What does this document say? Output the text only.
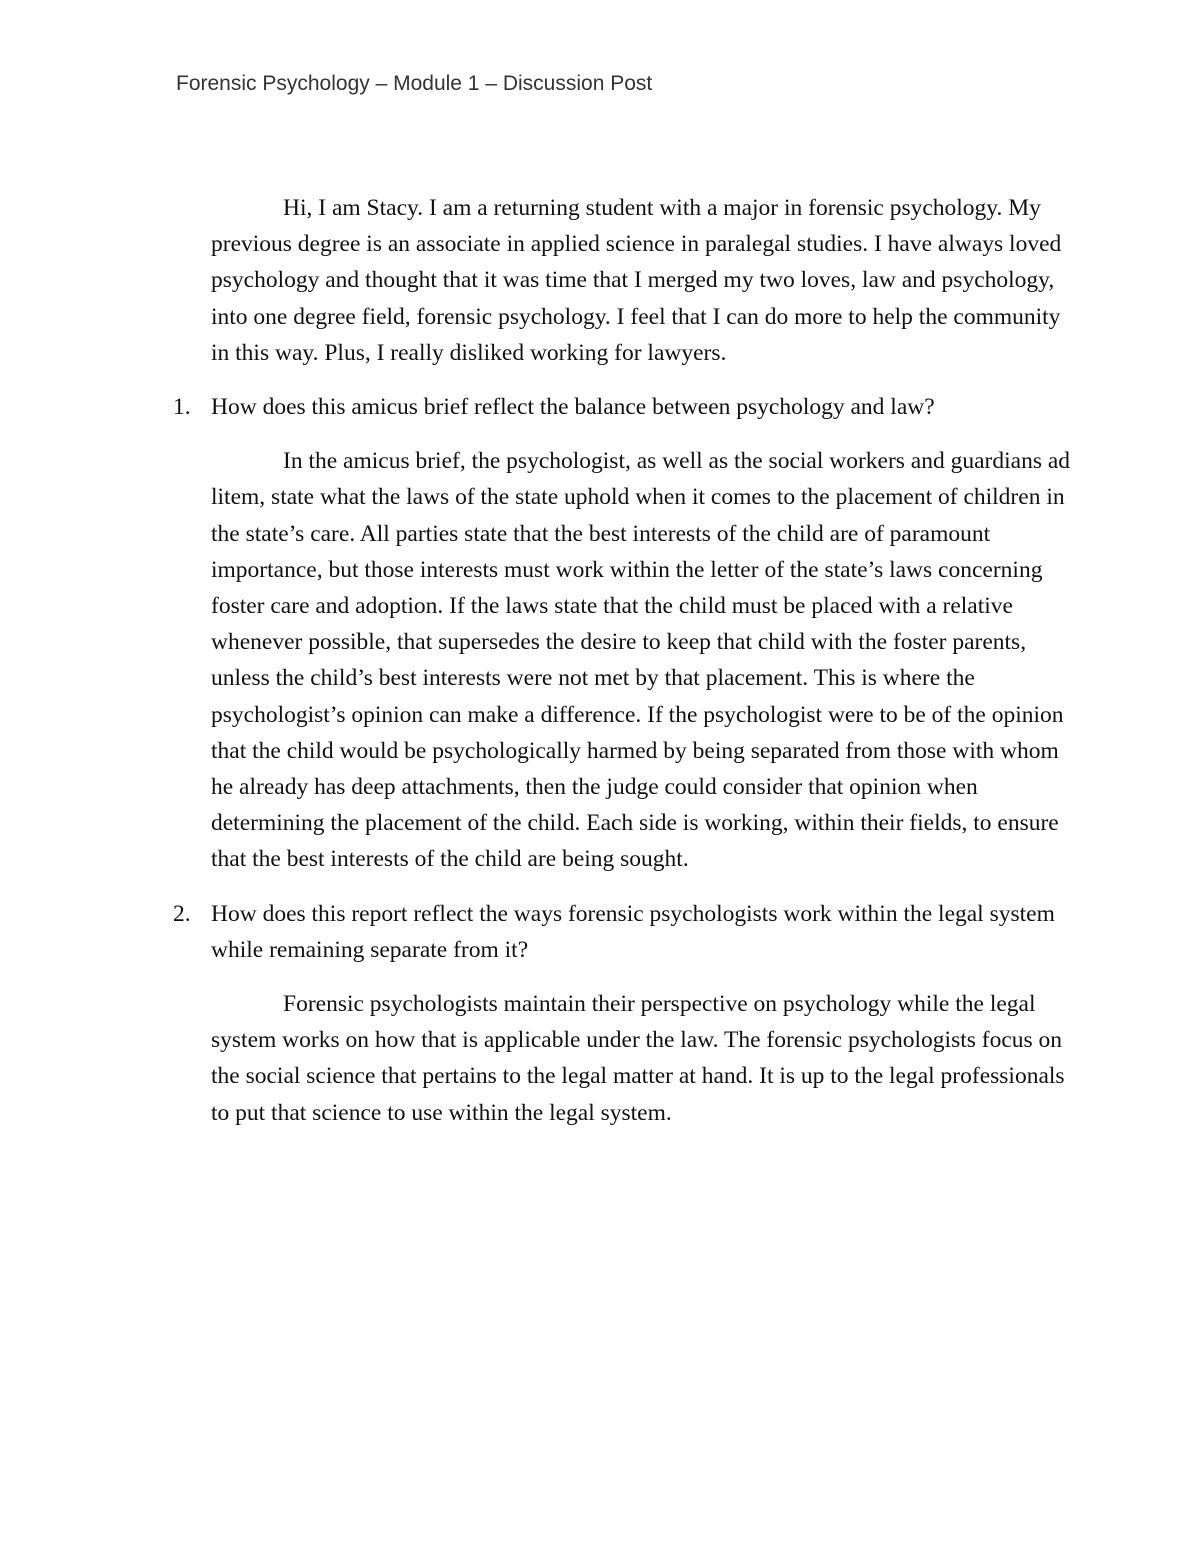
Forensic Psychology – Module 1 – Discussion Post

Hi, I am Stacy. I am a returning student with a major in forensic psychology. My previous degree is an associate in applied science in paralegal studies. I have always loved psychology and thought that it was time that I merged my two loves, law and psychology, into one degree field, forensic psychology. I feel that I can do more to help the community in this way. Plus, I really disliked working for lawyers.

1. How does this amicus brief reflect the balance between psychology and law?

In the amicus brief, the psychologist, as well as the social workers and guardians ad litem, state what the laws of the state uphold when it comes to the placement of children in the state’s care. All parties state that the best interests of the child are of paramount importance, but those interests must work within the letter of the state’s laws concerning foster care and adoption. If the laws state that the child must be placed with a relative whenever possible, that supersedes the desire to keep that child with the foster parents, unless the child’s best interests were not met by that placement. This is where the psychologist’s opinion can make a difference. If the psychologist were to be of the opinion that the child would be psychologically harmed by being separated from those with whom he already has deep attachments, then the judge could consider that opinion when determining the placement of the child. Each side is working, within their fields, to ensure that the best interests of the child are being sought.

2. How does this report reflect the ways forensic psychologists work within the legal system while remaining separate from it?

Forensic psychologists maintain their perspective on psychology while the legal system works on how that is applicable under the law. The forensic psychologists focus on the social science that pertains to the legal matter at hand. It is up to the legal professionals to put that science to use within the legal system.
